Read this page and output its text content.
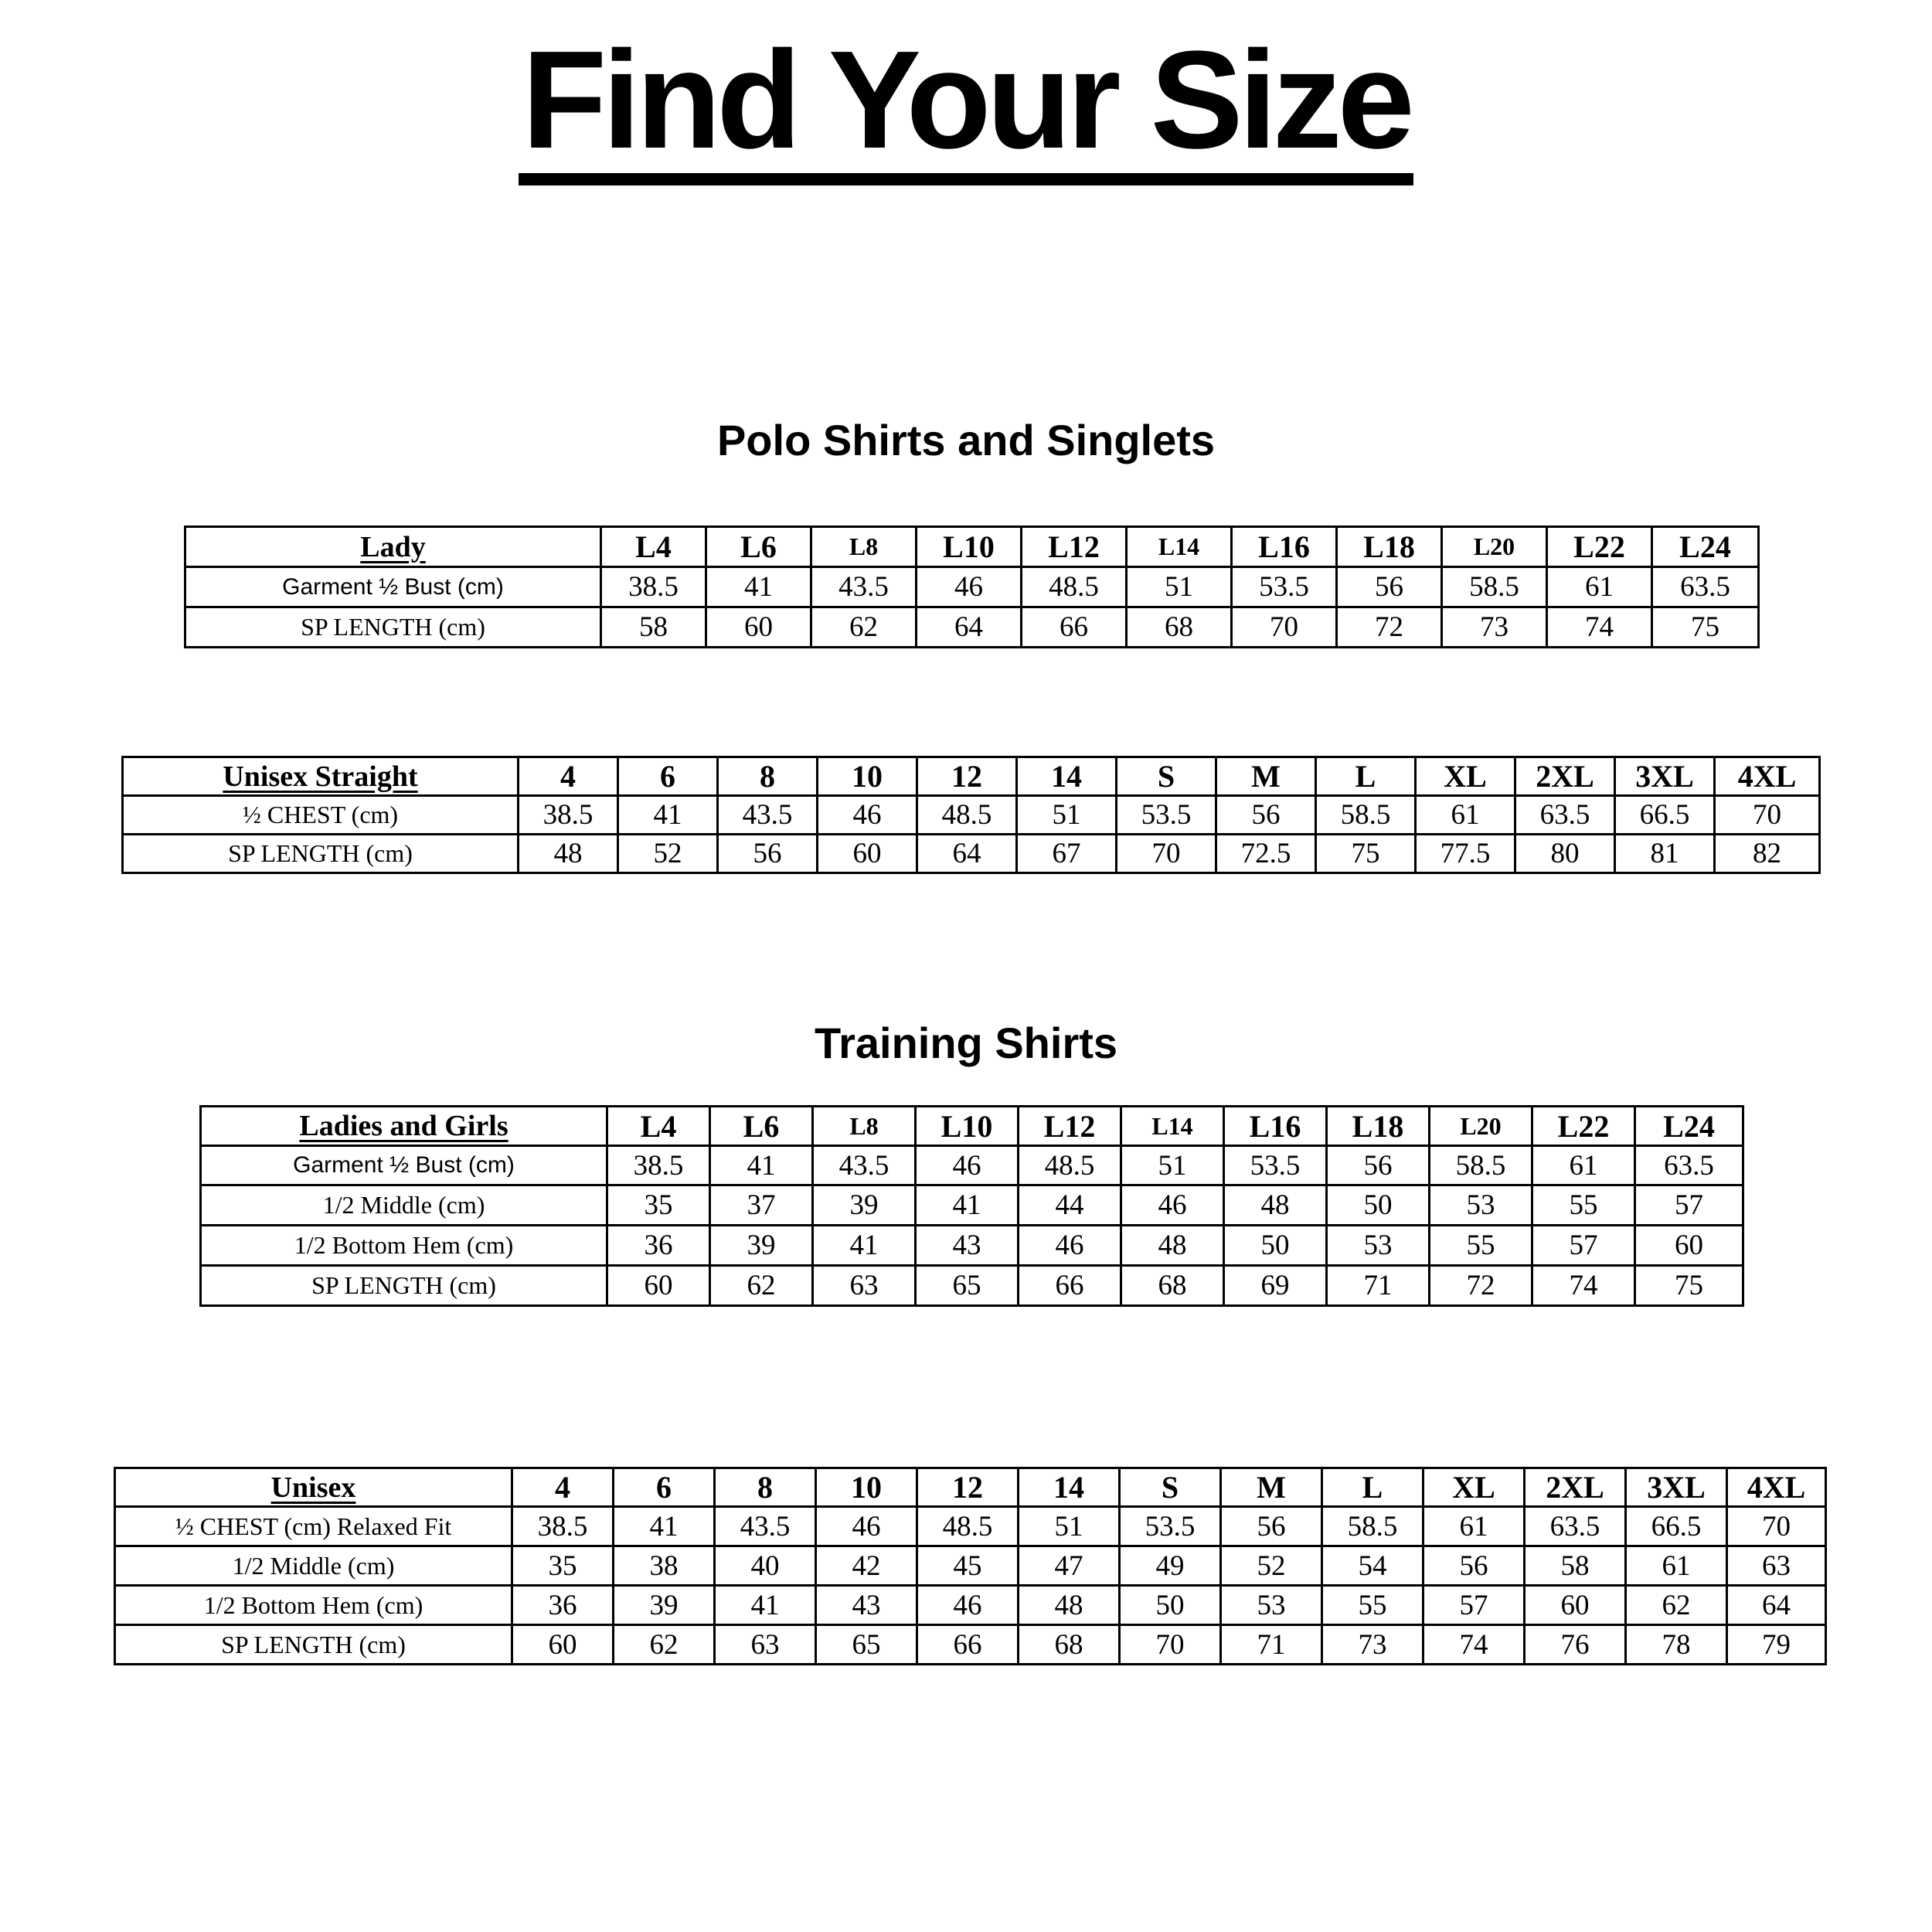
Find Your Size
Polo Shirts and Singlets
Lady	L4	L6	L8	L10	L12	L14	L16	L18	L20	L22	L24
Garment ½ Bust (cm)	38.5	41	43.5	46	48.5	51	53.5	56	58.5	61	63.5
SP LENGTH (cm)	58	60	62	64	66	68	70	72	73	74	75
Unisex Straight	4	6	8	10	12	14	S	M	L	XL	2XL	3XL	4XL
½ CHEST (cm)	38.5	41	43.5	46	48.5	51	53.5	56	58.5	61	63.5	66.5	70
SP LENGTH (cm)	48	52	56	60	64	67	70	72.5	75	77.5	80	81	82
Training Shirts
Ladies and Girls	L4	L6	L8	L10	L12	L14	L16	L18	L20	L22	L24
Garment ½ Bust (cm)	38.5	41	43.5	46	48.5	51	53.5	56	58.5	61	63.5
1/2 Middle (cm)	35	37	39	41	44	46	48	50	53	55	57
1/2 Bottom Hem (cm)	36	39	41	43	46	48	50	53	55	57	60
SP LENGTH (cm)	60	62	63	65	66	68	69	71	72	74	75
Unisex	4	6	8	10	12	14	S	M	L	XL	2XL	3XL	4XL
½ CHEST (cm) Relaxed Fit	38.5	41	43.5	46	48.5	51	53.5	56	58.5	61	63.5	66.5	70
1/2 Middle (cm)	35	38	40	42	45	47	49	52	54	56	58	61	63
1/2 Bottom Hem (cm)	36	39	41	43	46	48	50	53	55	57	60	62	64
SP LENGTH (cm)	60	62	63	65	66	68	70	71	73	74	76	78	79
